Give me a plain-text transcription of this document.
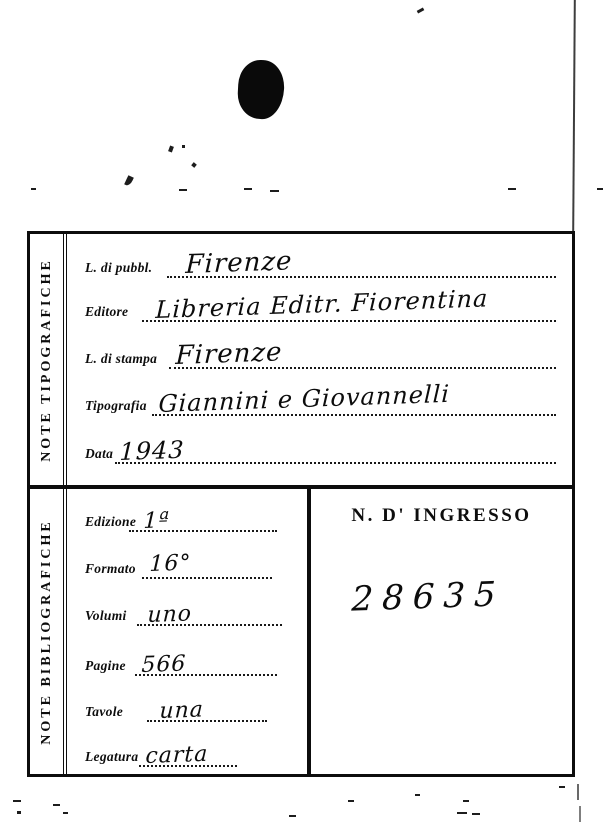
NOTE TIPOGRAFICHE L. di pubbl. Firenze
Editore Libreria Editr. Fiorentina
L. di stampa Firenze
Tipografia Giannini e Giovannelli
Data 1943
NOTE BIBLIOGRAFICHE Edizione 1ª
Formato 16°
Volumi uno
Pagine 566
Tavole una
Legatura carta
N. D' INGRESSO
28635
